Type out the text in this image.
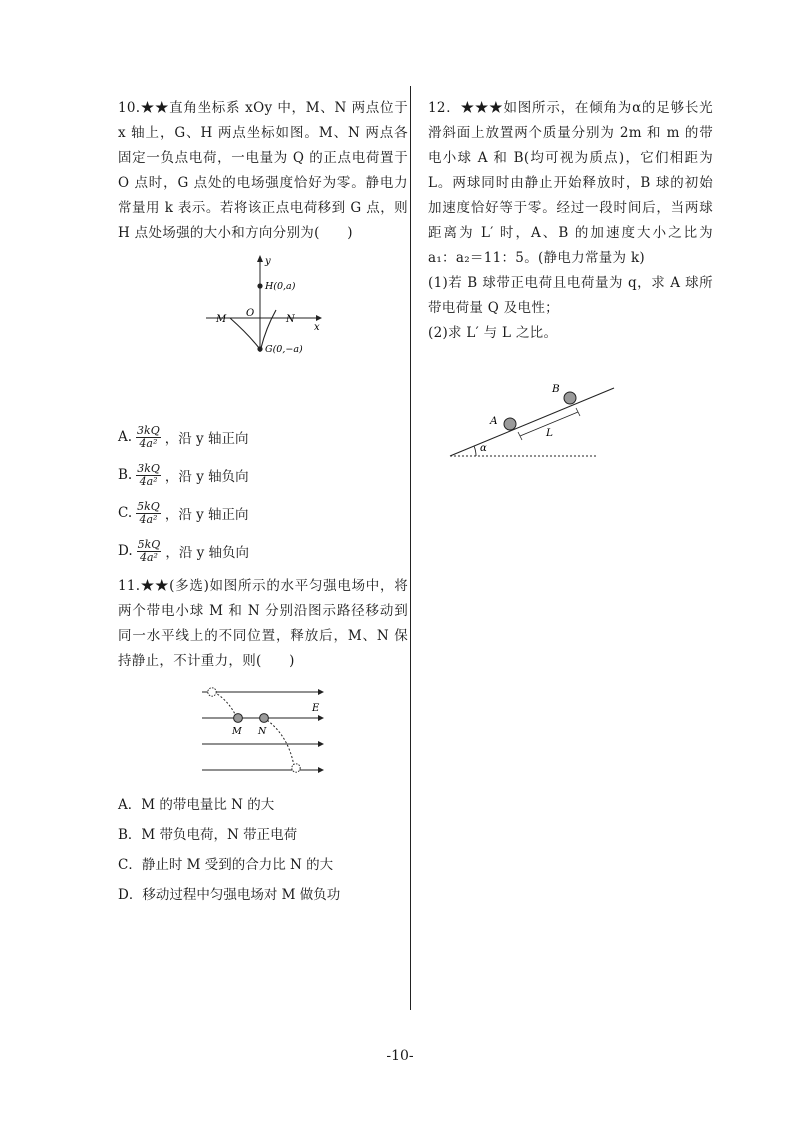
10.★★直角坐标系 xOy 中，M、N 两点位于 x 轴上，G、H 两点坐标如图。M、N 两点各固定一负点电荷，一电量为 Q 的正点电荷置于 O 点时，G 点处的电场强度恰好为零。静电力常量用 k 表示。若将该正点电荷移到 G 点，则 H 点处场强的大小和方向分别为(　　)

y
x
H(0,a)
O
M	N
G(0,−a)
A. $\frac{3kQ}{\text{4a²}}$ ，沿 y 轴正向
B. $\frac{3kQ}{\text{4a²}}$ ，沿 y 轴负向
C. $\frac{5kQ}{\text{4a²}}$ ，沿 y 轴正向
D. $\frac{5kQ}{\text{4a²}}$ ，沿 y 轴负向

11.★★(多选)如图所示的水平匀强电场中，将两个带电小球 M 和 N 分别沿图示路径移动到同一水平线上的不同位置，释放后，M、N 保持静止，不计重力，则(　　)

E
M N

A．M 的带电量比 N 的大

B．M 带负电荷，N 带正电荷

C．静止时 M 受到的合力比 N 的大

D．移动过程中匀强电场对 M 做负功

12．★★★如图所示，在倾角为α的足够长光滑斜面上放置两个质量分别为 2m 和 m 的带电小球 A 和 B(均可视为质点)，它们相距为 L。两球同时由静止开始释放时，B 球的初始加速度恰好等于零。经过一段时间后，当两球距离为 L′ 时，A、B 的加速度大小之比为 a₁：a₂＝11：5。(静电力常量为 k)

(1)若 B 球带正电荷且电荷量为 q，求 A 球所带电荷量 Q 及电性；

(2)求 L′ 与 L 之比。

α
A
B
L
-10-
